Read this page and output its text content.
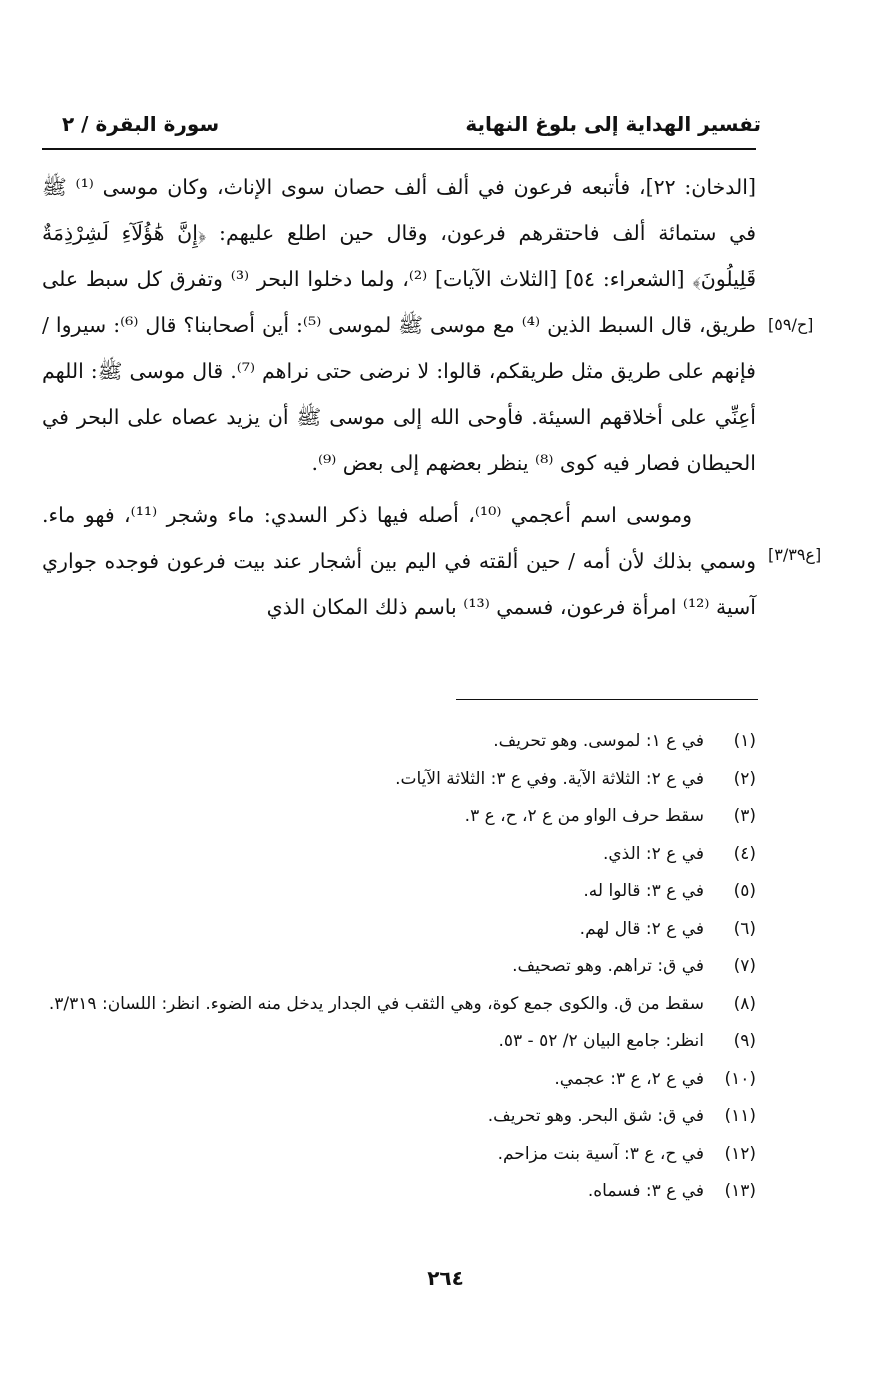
تفسير الهداية إلى بلوغ النهاية
سورة البقرة / ٢
[ح/٥٩]
[ع٣/٣٩]

[الدخان: ٢٢]، فأتبعه فرعون في ألف ألف حصان سوى الإناث، وكان موسى ⁽¹⁾ ﷺ في ستمائة ألف فاحتقرهم فرعون، وقال حين اطلع عليهم: ﴿إِنَّ هَٰؤُلَآءِ لَشِرْذِمَةٌ قَلِيلُونَ﴾ [الشعراء: ٥٤] [الثلاث الآيات] ⁽²⁾، ولما دخلوا البحر ⁽³⁾ وتفرق كل سبط على طريق، قال السبط الذين ⁽⁴⁾ مع موسى ﷺ لموسى ⁽⁵⁾: أين أصحابنا؟ قال ⁽⁶⁾: سيروا / فإنهم على طريق مثل طريقكم، قالوا: لا نرضى حتى نراهم ⁽⁷⁾. قال موسى ﷺ: اللهم أعِنِّي على أخلاقهم السيئة. فأوحى الله إلى موسى ﷺ أن يزيد عصاه على البحر في الحيطان فصار فيه كوى ⁽⁸⁾ ينظر بعضهم إلى بعض ⁽⁹⁾.

وموسى اسم أعجمي ⁽¹⁰⁾، أصله فيها ذكر السدي: ماء وشجر ⁽¹¹⁾، فهو ماء. وسمي بذلك لأن أمه / حين ألقته في اليم بين أشجار عند بيت فرعون فوجده جواري آسية ⁽¹²⁾ امرأة فرعون، فسمي ⁽¹³⁾ باسم ذلك المكان الذي

(١)
في ع ١: لموسى. وهو تحريف.
(٢)
في ع ٢: الثلاثة الآية. وفي ع ٣: الثلاثة الآيات.
(٣)
سقط حرف الواو من ع ٢، ح، ع ٣.
(٤)
في ع ٢: الذي.
(٥)
في ع ٣: قالوا له.
(٦)
في ع ٢: قال لهم.
(٧)
في ق: تراهم. وهو تصحيف.
(٨)
سقط من ق. والكوى جمع كوة، وهي الثقب في الجدار يدخل منه الضوء. انظر: اللسان: ٣/٣١٩.
(٩)
انظر: جامع البيان ٢/ ٥٢ - ٥٣.
(١٠)
في ع ٢، ع ٣: عجمي.
(١١)
في ق: شق البحر. وهو تحريف.
(١٢)
في ح، ع ٣: آسية بنت مزاحم.
(١٣)
في ع ٣: فسماه.
٢٦٤
